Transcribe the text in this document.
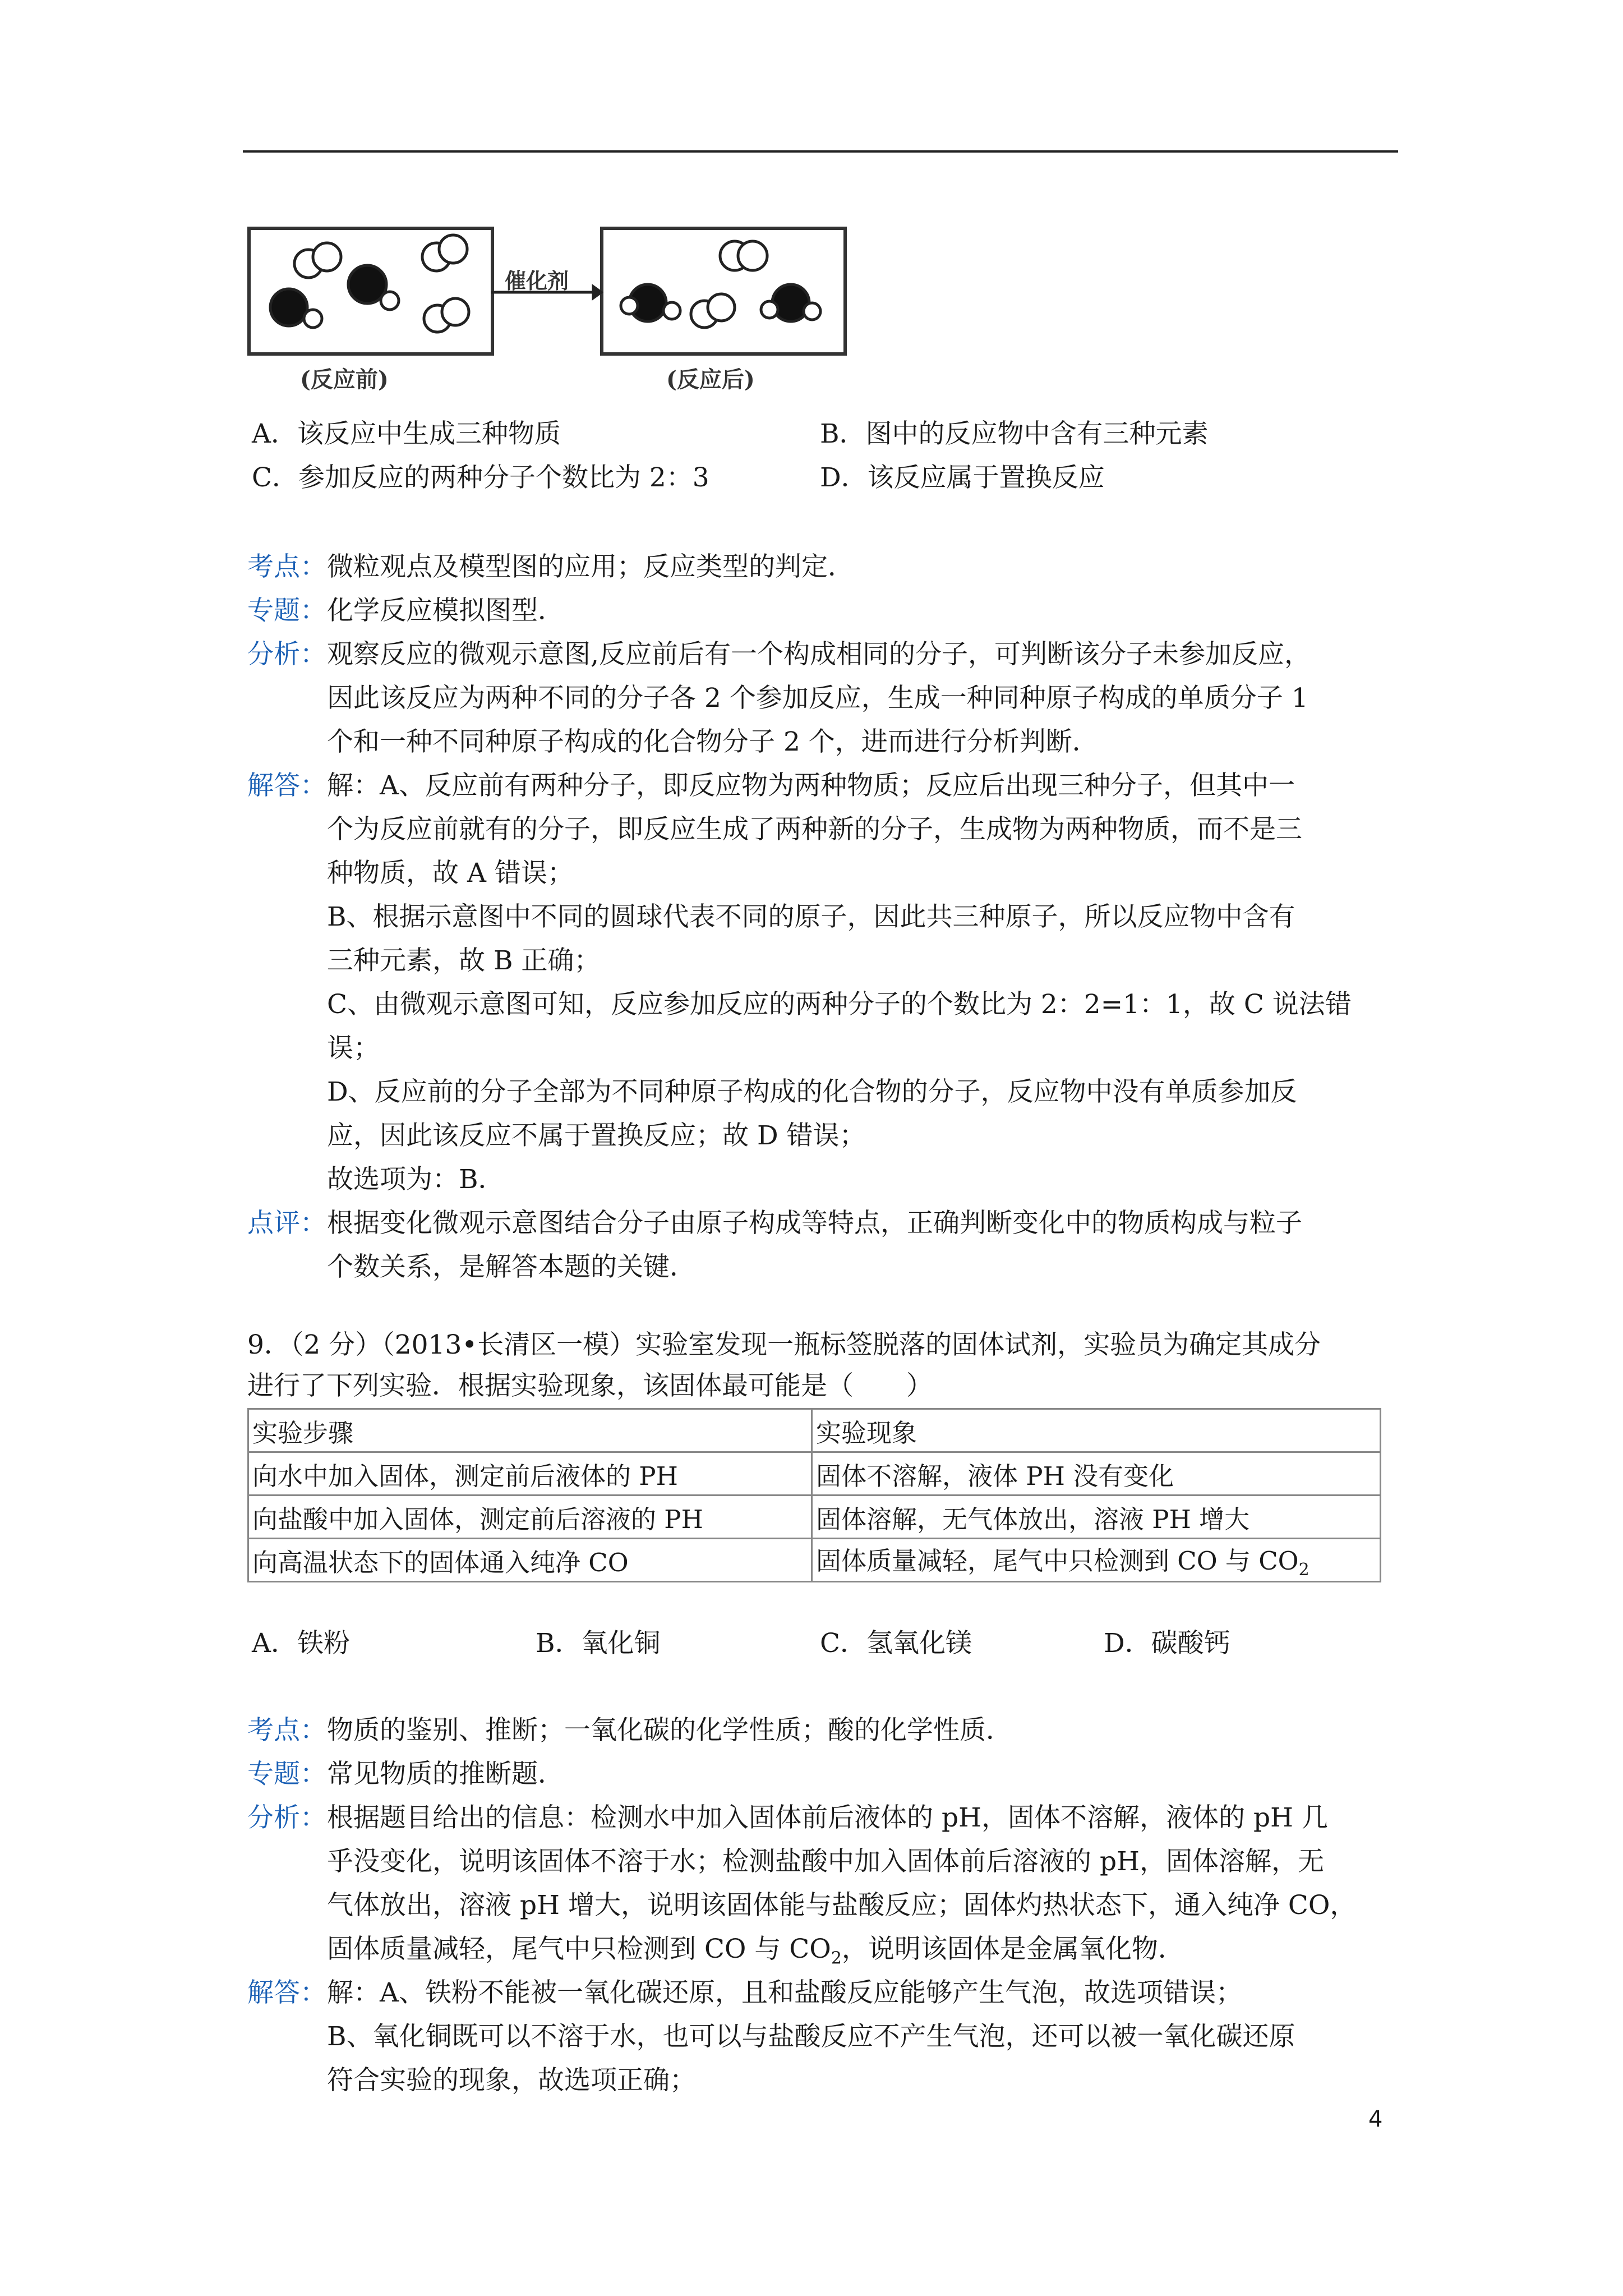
催化剂
(反应前)	(反应后)
A．该反应中生成三种物质	B．图中的反应物中含有三种元素
C．参加反应的两种分子个数比为 2：3	D．该反应属于置换反应
考点： 微粒观点及模型图的应用；反应类型的判定．
专题： 化学反应模拟图型．
分析： 观察反应的微观示意图,反应前后有一个构成相同的分子，可判断该分子未参加反应，
因此该反应为两种不同的分子各 2 个参加反应，生成一种同种原子构成的单质分子 1
个和一种不同种原子构成的化合物分子 2 个，进而进行分析判断．
解答： 解：A、反应前有两种分子，即反应物为两种物质；反应后出现三种分子，但其中一
个为反应前就有的分子，即反应生成了两种新的分子，生成物为两种物质，而不是三
种物质，故 A 错误；
B、根据示意图中不同的圆球代表不同的原子，因此共三种原子，所以反应物中含有
三种元素，故 B 正确；
C、由微观示意图可知，反应参加反应的两种分子的个数比为 2：2=1：1，故 C 说法错
误；
D、反应前的分子全部为不同种原子构成的化合物的分子，反应物中没有单质参加反
应，因此该反应不属于置换反应；故 D 错误；
故选项为：B．
点评： 根据变化微观示意图结合分子由原子构成等特点，正确判断变化中的物质构成与粒子
个数关系，是解答本题的关键．
9．（2 分）（2013•长清区一模）实验室发现一瓶标签脱落的固体试剂，实验员为确定其成分
进行了下列实验．根据实验现象，该固体最可能是（　　）
实验步骤	实验现象
向水中加入固体，测定前后液体的 PH	固体不溶解，液体 PH 没有变化
向盐酸中加入固体，测定前后溶液的 PH	固体溶解，无气体放出，溶液 PH 增大
向高温状态下的固体通入纯净 CO	固体质量减轻，尾气中只检测到 CO 与 $CO_2$
A．铁粉	B．氧化铜	C．氢氧化镁	D．碳酸钙
考点： 物质的鉴别、推断；一氧化碳的化学性质；酸的化学性质．
专题： 常见物质的推断题．
分析： 根据题目给出的信息：检测水中加入固体前后液体的 pH，固体不溶解，液体的 pH 几
乎没变化，说明该固体不溶于水；检测盐酸中加入固体前后溶液的 pH，固体溶解，无
气体放出，溶液 pH 增大，说明该固体能与盐酸反应；固体灼热状态下，通入纯净 CO，
固体质量减轻，尾气中只检测到 CO 与 $CO_2$，说明该固体是金属氧化物．
解答： 解：A、铁粉不能被一氧化碳还原，且和盐酸反应能够产生气泡，故选项错误；
B、氧化铜既可以不溶于水，也可以与盐酸反应不产生气泡，还可以被一氧化碳还原
符合实验的现象，故选项正确；
4
